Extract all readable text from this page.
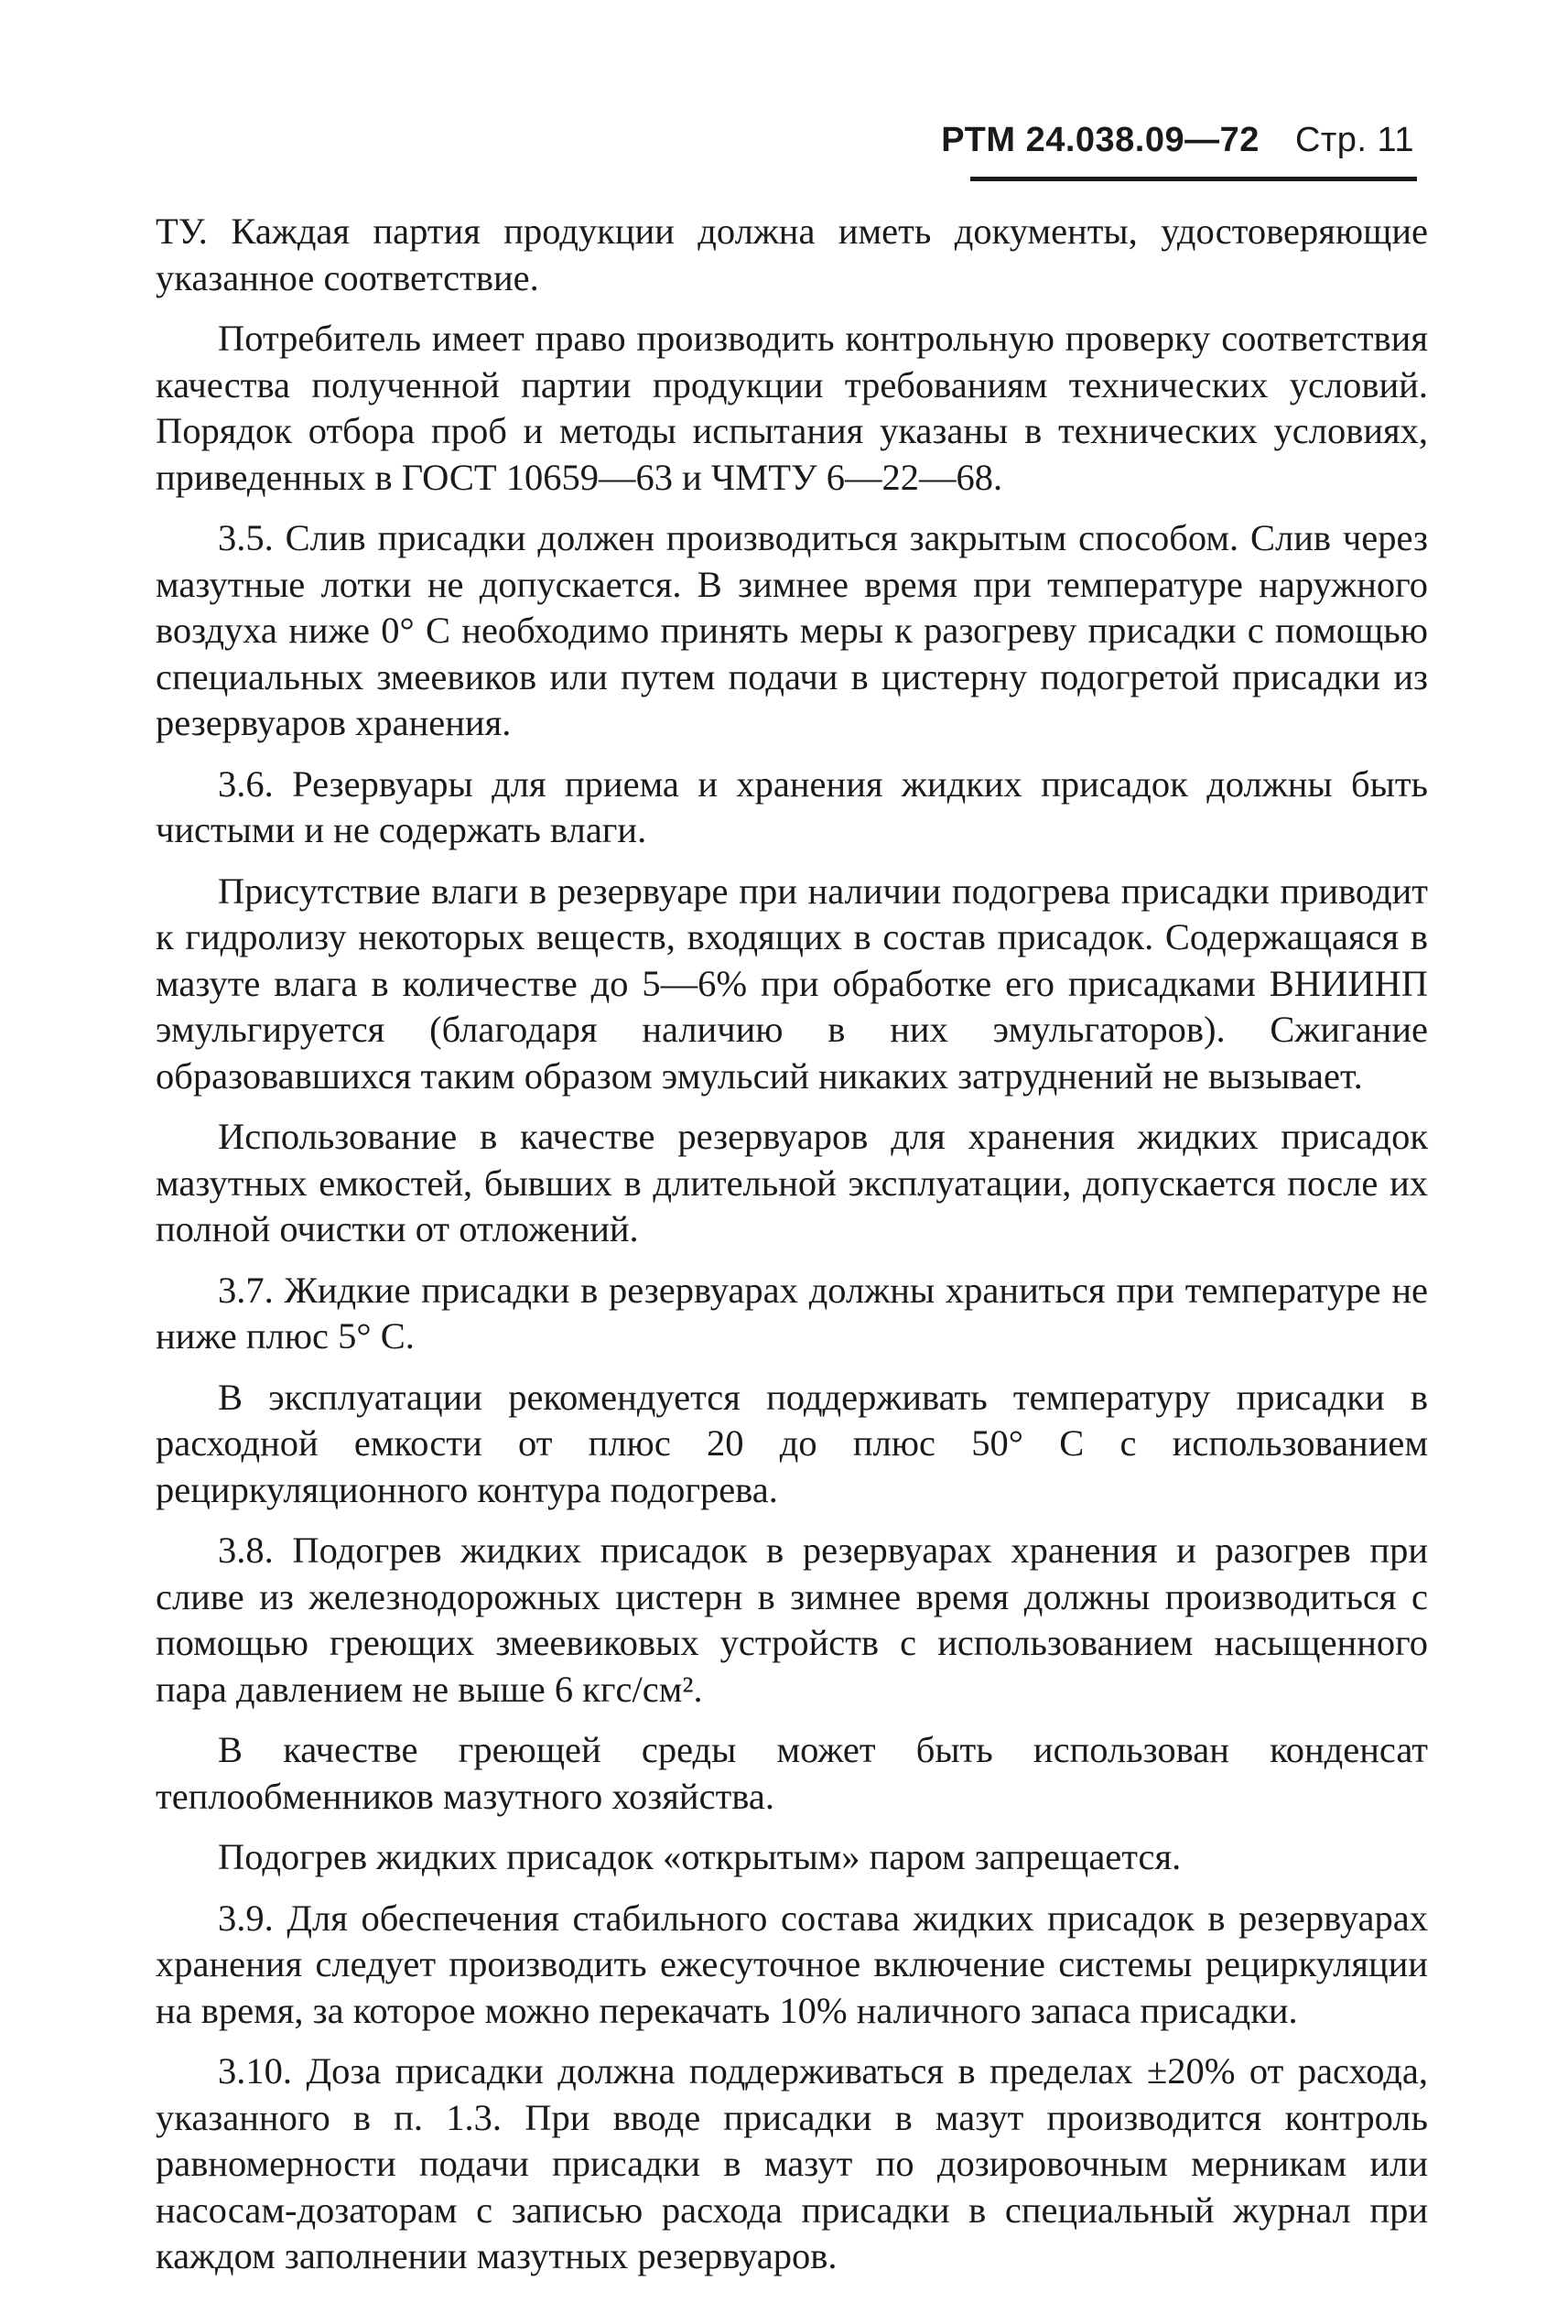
РТМ 24.038.09—72 Стр. 11

ТУ. Каждая партия продукции должна иметь документы, удостоверяющие указанное соответствие.

Потребитель имеет право производить контрольную проверку соответствия качества полученной партии продукции требованиям технических условий. Порядок отбора проб и методы испытания указаны в технических условиях, приведенных в ГОСТ 10659—63 и ЧМТУ 6—22—68.

3.5. Слив присадки должен производиться закрытым способом. Слив через мазутные лотки не допускается. В зимнее время при температуре наружного воздуха ниже 0° С необходимо принять меры к разогреву присадки с помощью специальных змеевиков или путем подачи в цистерну подогретой присадки из резервуаров хранения.

3.6. Резервуары для приема и хранения жидких присадок должны быть чистыми и не содержать влаги.

Присутствие влаги в резервуаре при наличии подогрева присадки приводит к гидролизу некоторых веществ, входящих в состав присадок. Содержащаяся в мазуте влага в количестве до 5—6% при обработке его присадками ВНИИНП эмульгируется (благодаря наличию в них эмульгаторов). Сжигание образовавшихся таким образом эмульсий никаких затруднений не вызывает.

Использование в качестве резервуаров для хранения жидких присадок мазутных емкостей, бывших в длительной эксплуатации, допускается после их полной очистки от отложений.

3.7. Жидкие присадки в резервуарах должны храниться при температуре не ниже плюс 5° С.

В эксплуатации рекомендуется поддерживать температуру присадки в расходной емкости от плюс 20 до плюс 50° С с использованием рециркуляционного контура подогрева.

3.8. Подогрев жидких присадок в резервуарах хранения и разогрев при сливе из железнодорожных цистерн в зимнее время должны производиться с помощью греющих змеевиковых устройств с использованием насыщенного пара давлением не выше 6 кгс/см².

В качестве греющей среды может быть использован конденсат теплообменников мазутного хозяйства.

Подогрев жидких присадок «открытым» паром запрещается.

3.9. Для обеспечения стабильного состава жидких присадок в резервуарах хранения следует производить ежесуточное включение системы рециркуляции на время, за которое можно перекачать 10% наличного запаса присадки.

3.10. Доза присадки должна поддерживаться в пределах ±20% от расхода, указанного в п. 1.3. При вводе присадки в мазут производится контроль равномерности подачи присадки в мазут по дозировочным мерникам или насосам-дозаторам с записью расхода присадки в специальный журнал при каждом заполнении мазутных резервуаров.
